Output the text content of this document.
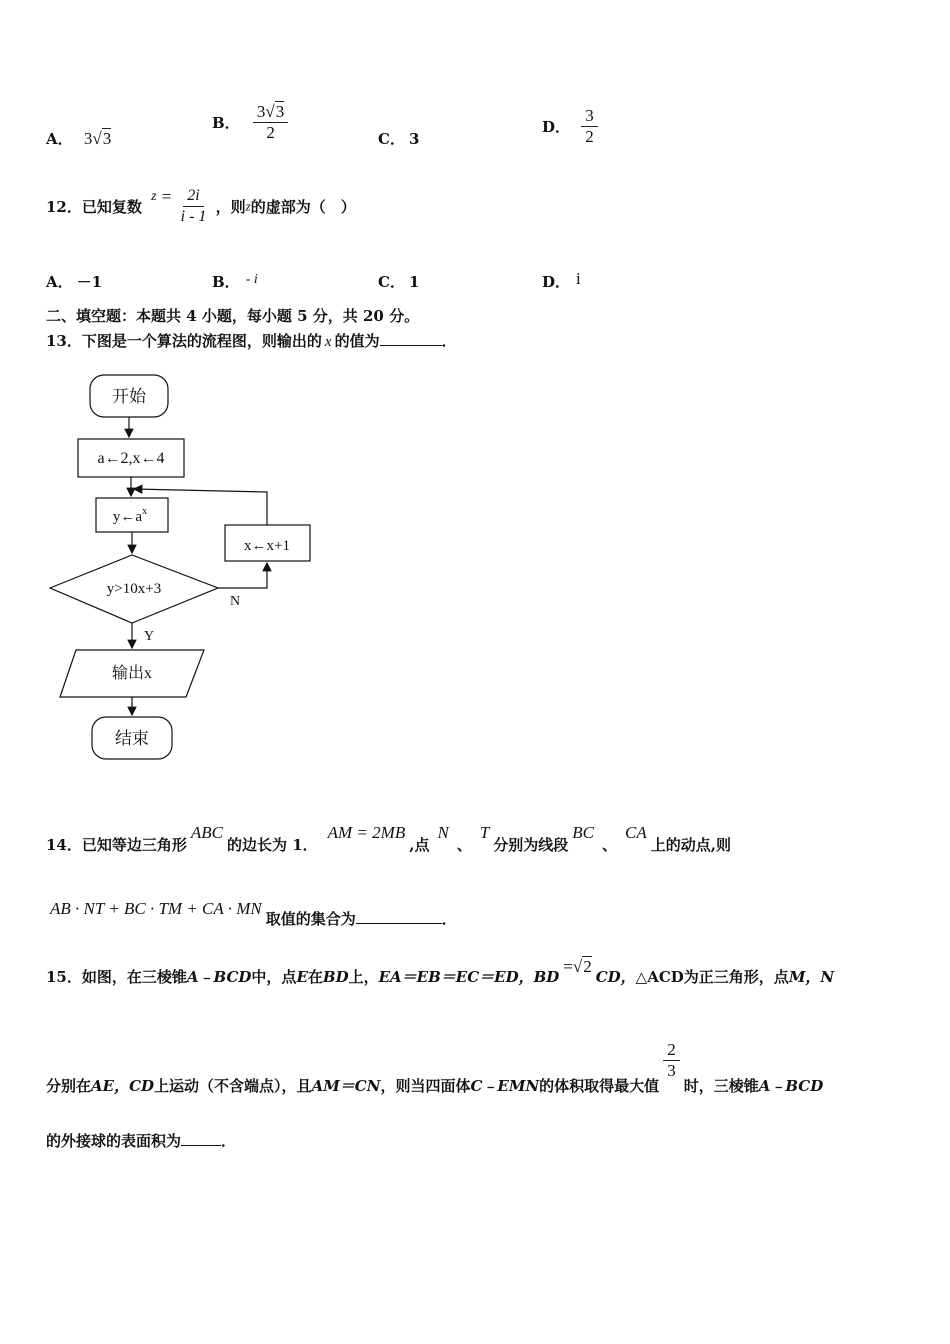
A． 3√3
B． $\frac{3√3}{2}$	C． 3
D． $\frac{3}{2}$
12．已知复数 $z = \frac{2i}{i - 1}$ ，则z的虚部为（　）
A． －1	B． - i	C． 1	D． i
二、填空题：本题共 4 小题，每小题 5 分，共 20 分。
13．下图是一个算法的流程图，则输出的 x 的值为	．
开始
a←2,x←4
$y\leftarrow a^x$
y>10x+3
N
x←x+1
Y
输出x
结束
14．已知等边三角形ABC的边长为 1．AM = 2MB,点N、T分别为线段BC、CA上的动点,则
AB · NT + BC · TM + CA · MN取值的集合为	．
15．如图，在三棱锥A﹣BCD中，点E在BD上，EA＝EB＝EC＝ED，BD=√2CD，△ACD为正三角形，点M，N
分别在AE，CD上运动（不含端点），且AM＝CN，则当四面体C﹣EMN的体积取得最大值
$\frac{2}{3}$
时，三棱锥A﹣BCD
的外接球的表面积为	．
